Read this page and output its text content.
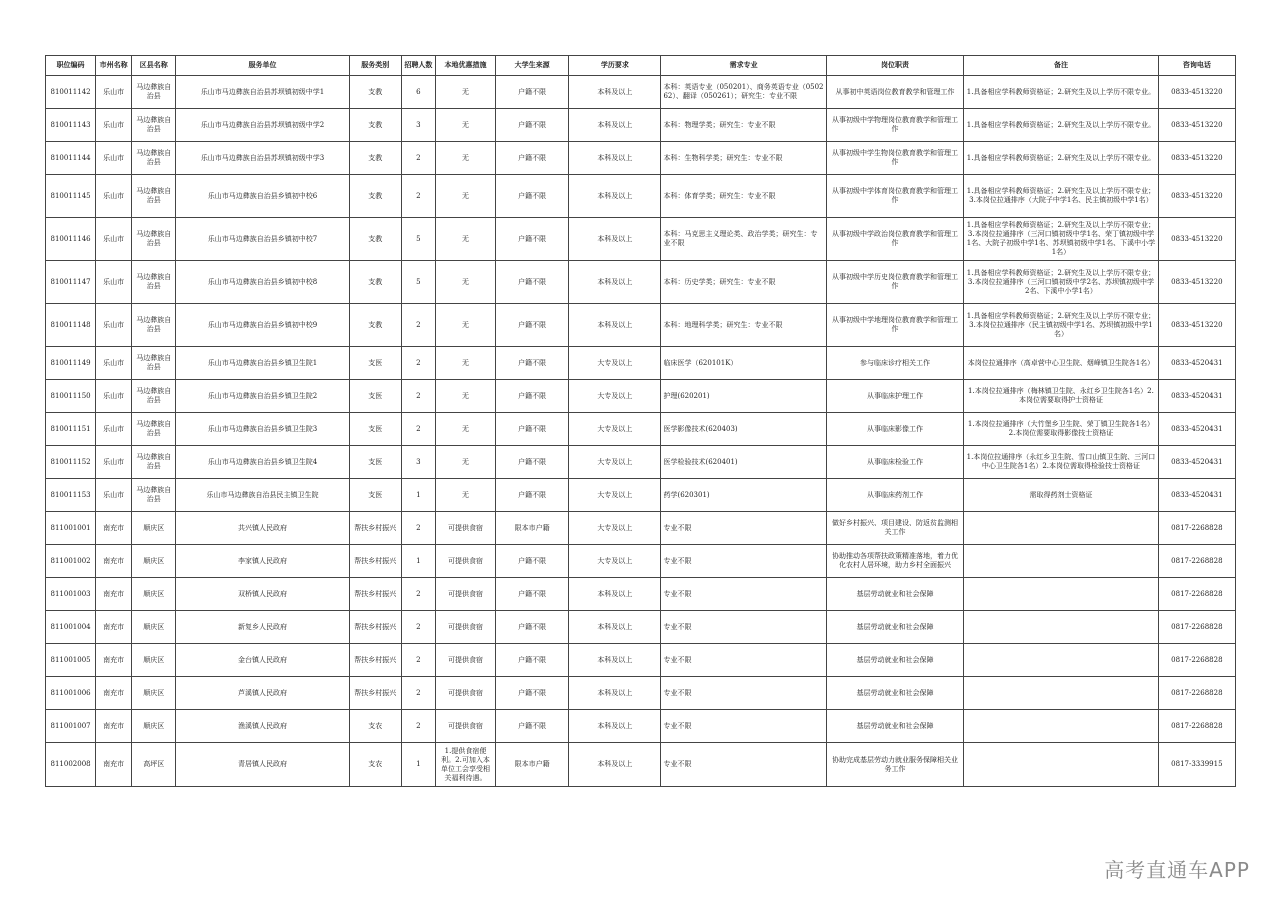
职位编码	市州名称	区县名称	服务单位	服务类别	招聘人数	本地优惠措施	大学生来源	学历要求	需求专业	岗位职责	备注	咨询电话
810011142	乐山市	马边彝族自治县	乐山市马边彝族自治县苏坝镇初级中学1	支教	6	无	户籍不限	本科及以上	本科：英语专业（050201）、商务英语专业（050262）、翻译（050261）；研究生：专业不限	从事初中英语岗位教育教学和管理工作	1.具备相应学科教师资格证；2.研究生及以上学历不限专业。	0833-4513220
810011143	乐山市	马边彝族自治县	乐山市马边彝族自治县苏坝镇初级中学2	支教	3	无	户籍不限	本科及以上	本科：物理学类；研究生：专业不限	从事初级中学物理岗位教育教学和管理工作	1.具备相应学科教师资格证；2.研究生及以上学历不限专业。	0833-4513220
810011144	乐山市	马边彝族自治县	乐山市马边彝族自治县苏坝镇初级中学3	支教	2	无	户籍不限	本科及以上	本科：生物科学类；研究生：专业不限	从事初级中学生物岗位教育教学和管理工作	1.具备相应学科教师资格证；2.研究生及以上学历不限专业。	0833-4513220
810011145	乐山市	马边彝族自治县	乐山市马边彝族自治县乡镇初中校6	支教	2	无	户籍不限	本科及以上	本科：体育学类；研究生：专业不限	从事初级中学体育岗位教育教学和管理工作	1.具备相应学科教师资格证；2.研究生及以上学历不限专业；3.本岗位拉通排序（大院子中学1名、民主镇初级中学1名）	0833-4513220
810011146	乐山市	马边彝族自治县	乐山市马边彝族自治县乡镇初中校7	支教	5	无	户籍不限	本科及以上	本科：马克思主义理论类、政治学类；研究生：专业不限	从事初级中学政治岗位教育教学和管理工作	1.具备相应学科教师资格证；2.研究生及以上学历不限专业；3.本岗位拉通排序（三河口镇初级中学1名、荣丁镇初级中学1名、大院子初级中学1名、苏坝镇初级中学1名、下溪中小学1名）	0833-4513220
810011147	乐山市	马边彝族自治县	乐山市马边彝族自治县乡镇初中校8	支教	5	无	户籍不限	本科及以上	本科：历史学类；研究生：专业不限	从事初级中学历史岗位教育教学和管理工作	1.具备相应学科教师资格证；2.研究生及以上学历不限专业；3.本岗位拉通排序（三河口镇初级中学2名、苏坝镇初级中学2名、下溪中小学1名）	0833-4513220
810011148	乐山市	马边彝族自治县	乐山市马边彝族自治县乡镇初中校9	支教	2	无	户籍不限	本科及以上	本科：地理科学类；研究生：专业不限	从事初级中学地理岗位教育教学和管理工作	1.具备相应学科教师资格证；2.研究生及以上学历不限专业；3.本岗位拉通排序（民主镇初级中学1名、苏坝镇初级中学1名）	0833-4513220
810011149	乐山市	马边彝族自治县	乐山市马边彝族自治县乡镇卫生院1	支医	2	无	户籍不限	大专及以上	临床医学（620101K）	参与临床诊疗相关工作	本岗位拉通排序（高卓营中心卫生院、烟峰镇卫生院各1名）	0833-4520431
810011150	乐山市	马边彝族自治县	乐山市马边彝族自治县乡镇卫生院2	支医	2	无	户籍不限	大专及以上	护理(620201)	从事临床护理工作	1.本岗位拉通排序（梅林镇卫生院、永红乡卫生院各1名）2.本岗位需要取得护士资格证	0833-4520431
810011151	乐山市	马边彝族自治县	乐山市马边彝族自治县乡镇卫生院3	支医	2	无	户籍不限	大专及以上	医学影像技术(620403)	从事临床影像工作	1.本岗位拉通排序（大竹堡乡卫生院、荣丁镇卫生院各1名）2.本岗位需要取得影像技士资格证	0833-4520431
810011152	乐山市	马边彝族自治县	乐山市马边彝族自治县乡镇卫生院4	支医	3	无	户籍不限	大专及以上	医学检验技术(620401)	从事临床检验工作	1.本岗位拉通排序（永红乡卫生院、雪口山镇卫生院、三河口中心卫生院各1名）2.本岗位需取得检验技士资格证	0833-4520431
810011153	乐山市	马边彝族自治县	乐山市马边彝族自治县民主镇卫生院	支医	1	无	户籍不限	大专及以上	药学(620301)	从事临床药剂工作	需取得药剂士资格证	0833-4520431
811001001	南充市	顺庆区	共兴镇人民政府	帮扶乡村振兴	2	可提供食宿	限本市户籍	大专及以上	专业不限	做好乡村振兴、项目建设、防返贫监测相关工作		0817-2268828
811001002	南充市	顺庆区	李家镇人民政府	帮扶乡村振兴	1	可提供食宿	户籍不限	大专及以上	专业不限	协助推动各项帮扶政策精准落地，着力优化农村人居环境，助力乡村全面振兴		0817-2268828
811001003	南充市	顺庆区	双桥镇人民政府	帮扶乡村振兴	2	可提供食宿	户籍不限	本科及以上	专业不限	基层劳动就业和社会保障		0817-2268828
811001004	南充市	顺庆区	新复乡人民政府	帮扶乡村振兴	2	可提供食宿	户籍不限	本科及以上	专业不限	基层劳动就业和社会保障		0817-2268828
811001005	南充市	顺庆区	金台镇人民政府	帮扶乡村振兴	2	可提供食宿	户籍不限	本科及以上	专业不限	基层劳动就业和社会保障		0817-2268828
811001006	南充市	顺庆区	芦溪镇人民政府	帮扶乡村振兴	2	可提供食宿	户籍不限	本科及以上	专业不限	基层劳动就业和社会保障		0817-2268828
811001007	南充市	顺庆区	渔溪镇人民政府	支农	2	可提供食宿	户籍不限	本科及以上	专业不限	基层劳动就业和社会保障		0817-2268828
811002008	南充市	高坪区	青居镇人民政府	支农	1	1.提供食宿便利。2.可加入本单位工会享受相关福利待遇。	限本市户籍	本科及以上	专业不限	协助完成基层劳动力就业服务保障相关业务工作		0817-3339915
高考直通车APP
